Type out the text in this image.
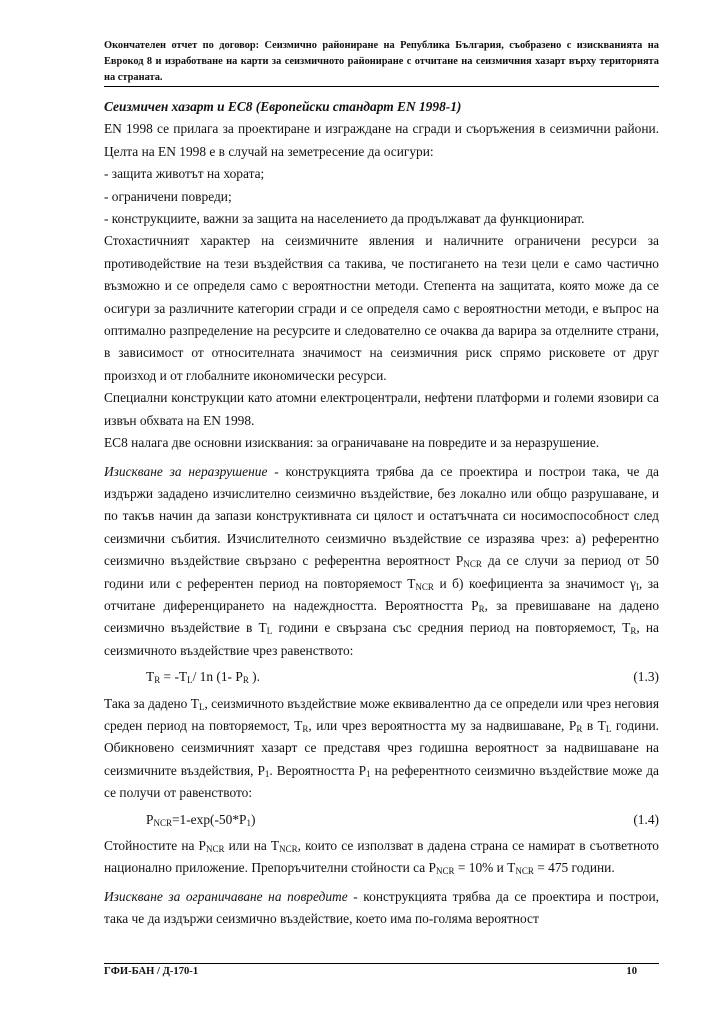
Окончателен отчет по договор: Сеизмично райониране на Република България, съобразено с изискванията на Еврокод 8 и изработване на карти за сеизмичното райониране с отчитане на сеизмичния хазарт върху територията на страната.

Сеизмичен хазарт и ЕС8 (Европейски стандарт EN 1998-1)

EN 1998 се прилага за проектиране и изграждане на сгради и съоръжения в сеизмични райони. Целта на EN 1998 е в случай на земетресение да осигури:

- защита животът на хората;

- ограничени повреди;

- конструкциите, важни за защита на населението да продължават да функционират.

Стохастичният характер на сеизмичните явления и наличните ограничени ресурси за противодействие на тези въздействия са такива, че постигането на тези цели е само частично възможно и се определя само с вероятностни методи. Степента на защитата, която може да се осигури за различните категории сгради и се определя само с вероятностни методи, е въпрос на оптимално разпределение на ресурсите и следователно се очаква да варира за отделните страни, в зависимост от относителната значимост на сеизмичния риск спрямо рисковете от друг произход и от глобалните икономически ресурси.

Специални конструкции като атомни електроцентрали, нефтени платформи и големи язовири са извън обхвата на EN 1998.

ЕС8 налага две основни изисквания: за ограничаване на повредите и за неразрушение.

Изискване за неразрушение - конструкцията трябва да се проектира и построи така, че да издържи зададено изчислително сеизмично въздействие, без локално или общо разрушаване, и по такъв начин да запази конструктивната си цялост и остатъчната си носимоспособност след сеизмични събития. Изчислителното сеизмично въздействие се изразява чрез: а) референтно сеизмично въздействие свързано с референтна вероятност $P_{NCR}$ да се случи за период от 50 години или с референтен период на повторяемост $T_{NCR}$ и б) коефициента за значимост $\gamma_I$, за отчитане диференцирането на надеждността. Вероятността $P_R$, за превишаване на дадено сеизмично въздействие в $T_L$ години е свързана със средния период на повторяемост, $T_R$, на сеизмичното въздействие чрез равенството:

$T_R = -T_L/$ 1n (1- $P_R$ ).	(1.3)

Така за дадено $T_L$, сеизмичното въздействие може еквивалентно да се определи или чрез неговия среден период на повторяемост, $T_R$, или чрез вероятността му за надвишаване, $P_R$ в $T_L$ години. Обикновено сеизмичният хазарт се представя чрез годишна вероятност за надвишаване на сеизмичните въздействия, $P_1$. Вероятността $P_1$ на референтното сеизмично въздействие може да се получи от равенството:

$P_{NCR}=1-\exp(-50*P_1)$	(1.4)

Стойностите на $P_{NCR}$ или на $T_{NCR}$, които се използват в дадена страна се намират в съответното национално приложение. Препоръчителни стойности са $P_{NCR} = 10\%$ и $T_{NCR} = 475$ години.

Изискване за ограничаване на повредите - конструкцията трябва да се проектира и построи, така че да издържи сеизмично въздействие, което има по-голяма вероятност

ГФИ-БАН / Д-170-1	10
